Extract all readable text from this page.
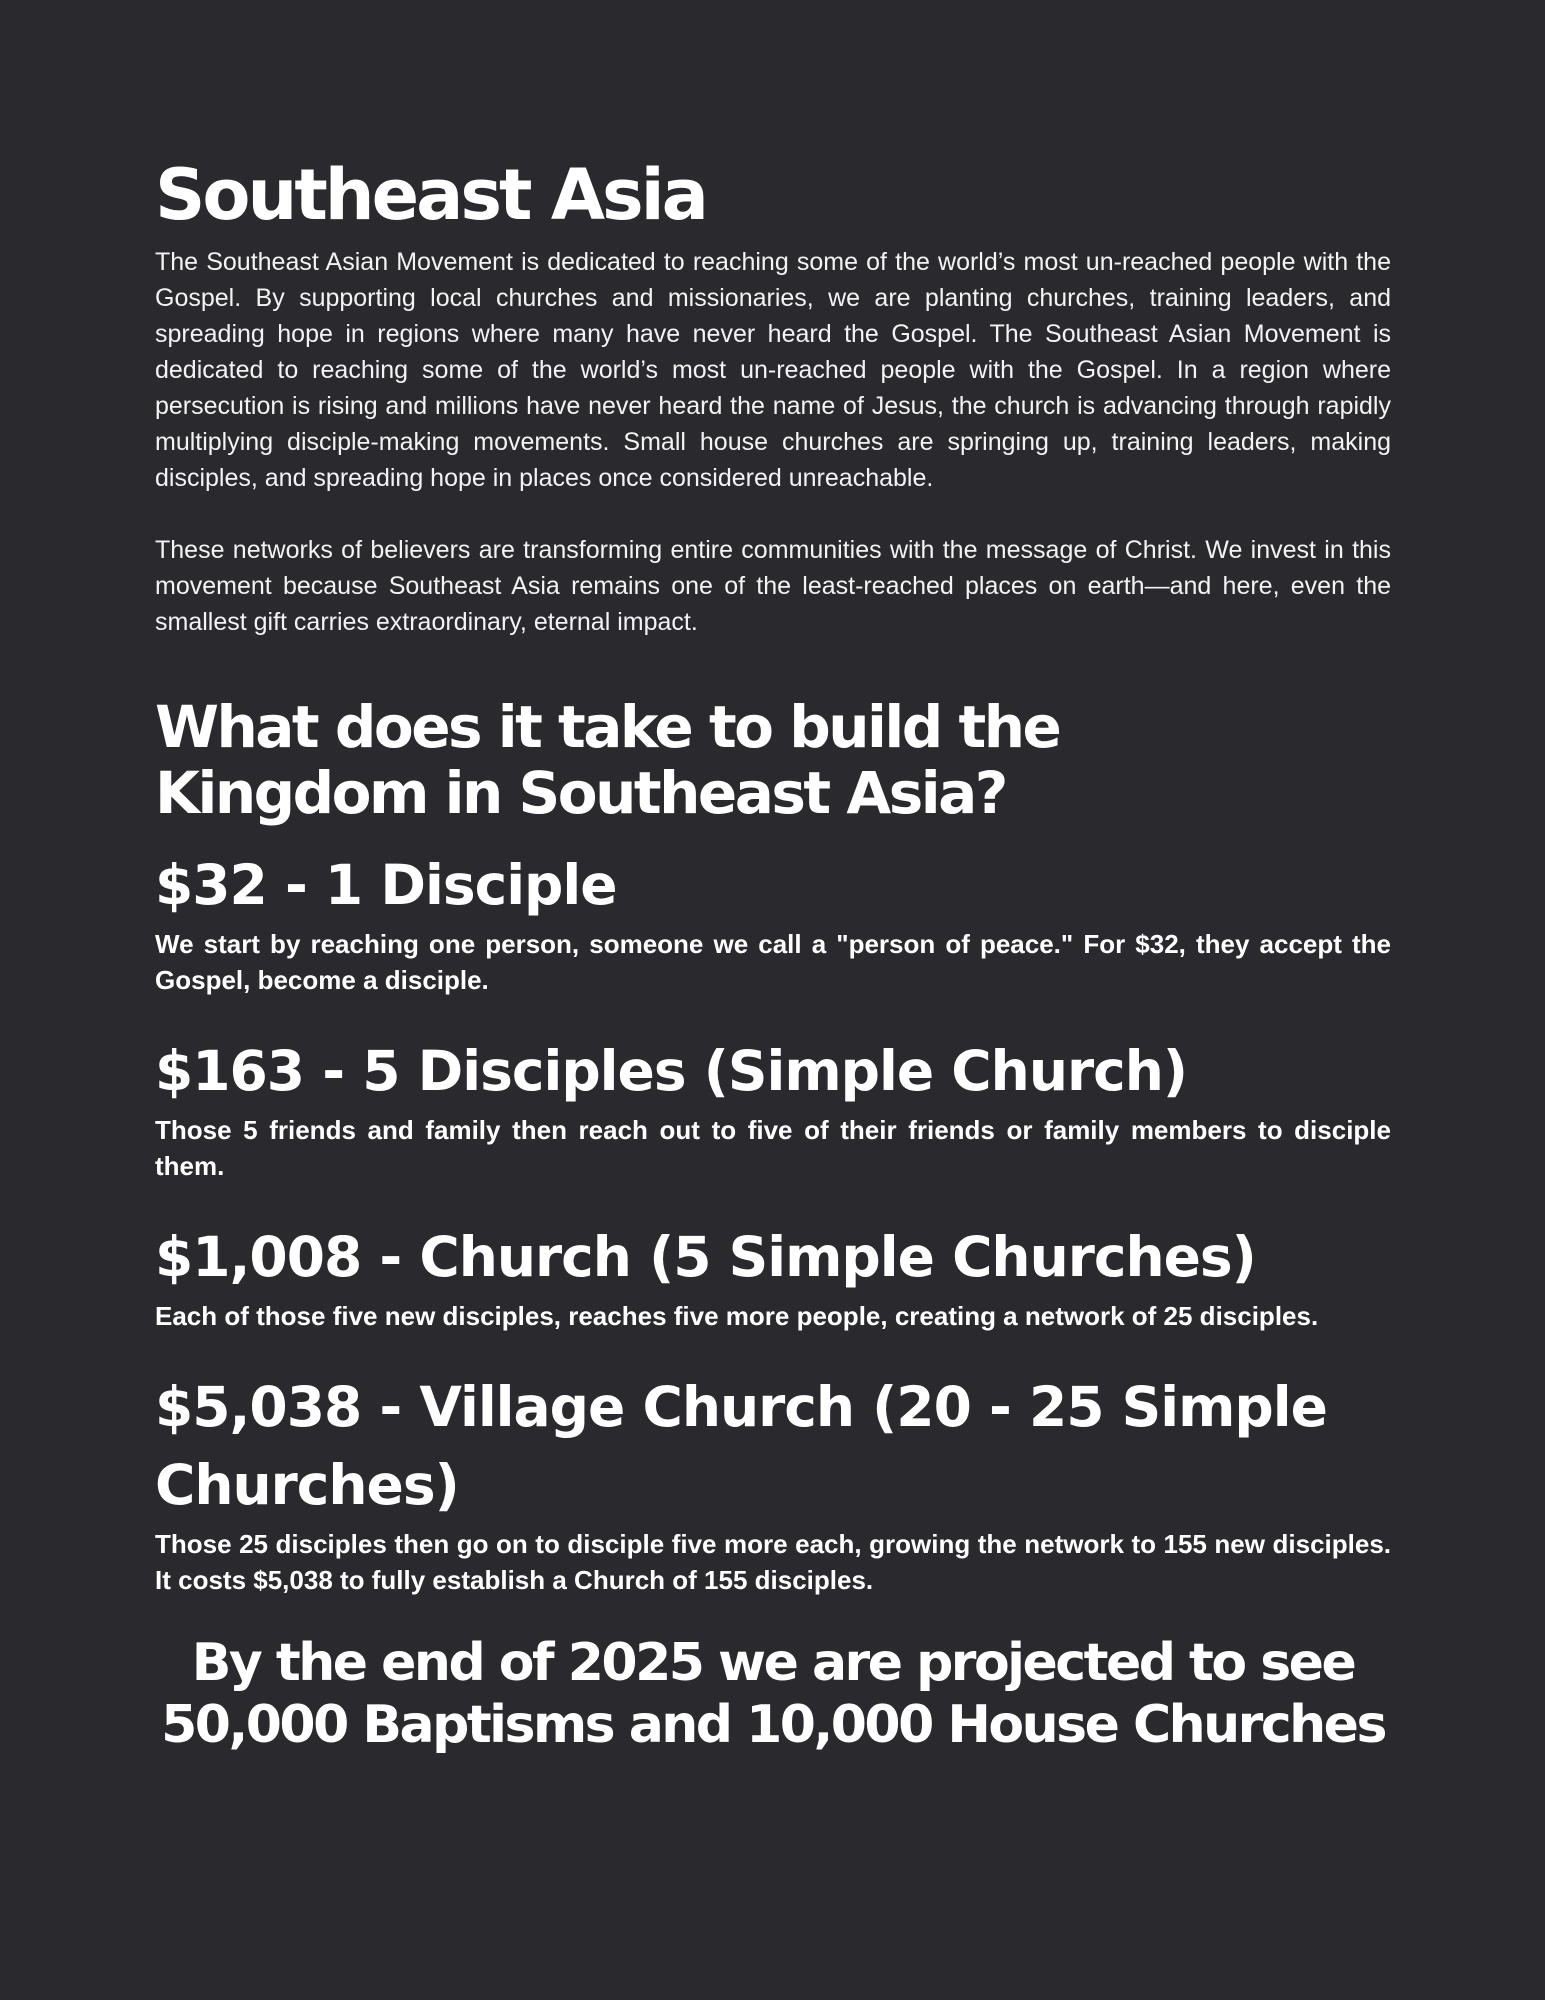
Southeast Asia

The Southeast Asian Movement is dedicated to reaching some of the world’s most un-reached people with the Gospel. By supporting local churches and missionaries, we are planting churches, training leaders, and spreading hope in regions where many have never heard the Gospel. The Southeast Asian Movement is dedicated to reaching some of the world’s most un-reached people with the Gospel. In a region where persecution is rising and millions have never heard the name of Jesus, the church is advancing through rapidly multiplying disciple-making movements. Small house churches are springing up, training leaders, making disciples, and spreading hope in places once considered unreachable.

These networks of believers are transforming entire communities with the message of Christ. We invest in this movement because Southeast Asia remains one of the least-reached places on earth—and here, even the smallest gift carries extraordinary, eternal impact.

What does it take to build the
Kingdom in Southeast Asia?
$32 - 1 Disciple

We start by reaching one person, someone we call a "person of peace." For $32, they accept the Gospel, become a disciple.

$163 - 5 Disciples (Simple Church)

Those 5 friends and family then reach out to five of their friends or family members to disciple them.

$1,008 - Church (5 Simple Churches)

Each of those five new disciples, reaches five more people, creating a network of 25 disciples.

$5,038 - Village Church (20 - 25 Simple Churches)

Those 25 disciples then go on to disciple five more each, growing the network to 155 new disciples. It costs $5,038 to fully establish a Church of 155 disciples.

By the end of 2025 we are projected to see
50,000 Baptisms and 10,000 House Churches
